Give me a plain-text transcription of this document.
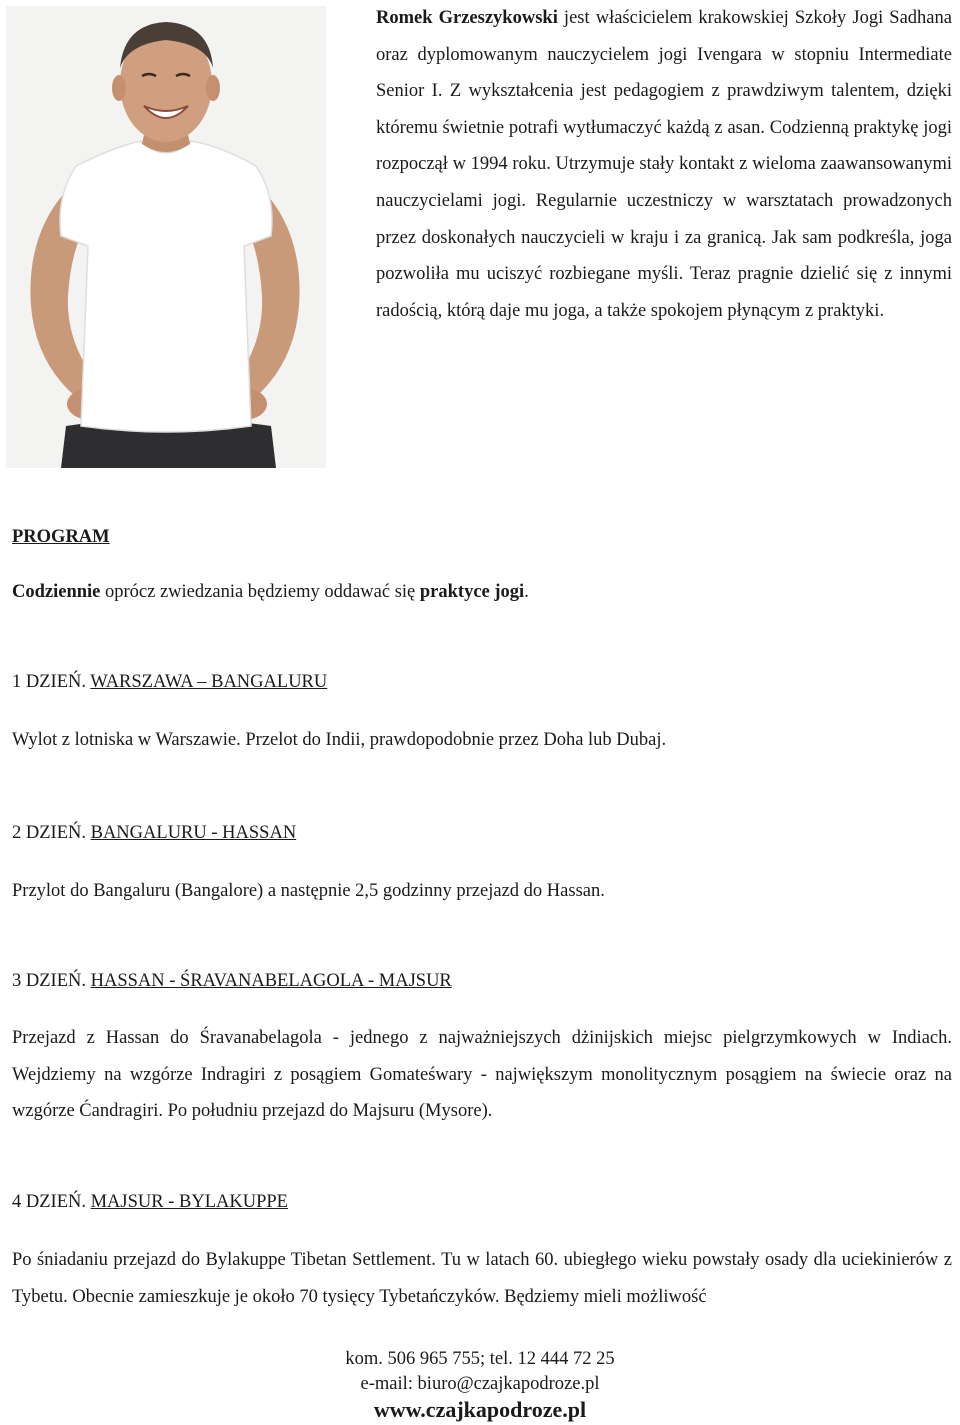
Romek Grzeszykowski jest właścicielem krakowskiej Szkoły Jogi Sadhana oraz dyplomowanym nauczycielem jogi Ivengara w stopniu Intermediate Senior I. Z wykształcenia jest pedagogiem z prawdziwym talentem, dzięki któremu świetnie potrafi wytłumaczyć każdą z asan. Codzienną praktykę jogi rozpoczął w 1994 roku. Utrzymuje stały kontakt z wieloma zaawansowanymi nauczycielami jogi. Regularnie uczestniczy w warsztatach prowadzonych przez doskonałych nauczycieli w kraju i za granicą. Jak sam podkreśla, joga pozwoliła mu uciszyć rozbiegane myśli. Teraz pragnie dzielić się z innymi radością, którą daje mu joga, a także spokojem płynącym z praktyki.

PROGRAM
Codziennie oprócz zwiedzania będziemy oddawać się praktyce jogi.
1 DZIEŃ. WARSZAWA – BANGALURU
Wylot z lotniska w Warszawie. Przelot do Indii, prawdopodobnie przez Doha lub Dubaj.
2 DZIEŃ. BANGALURU - HASSAN
Przylot do Bangaluru (Bangalore) a następnie 2,5 godzinny przejazd do Hassan.
3 DZIEŃ. HASSAN - ŚRAVANABELAGOLA - MAJSUR
Przejazd z Hassan do Śravanabelagola - jednego z najważniejszych dżinijskich miejsc pielgrzymkowych w Indiach. Wejdziemy na wzgórze Indragiri z posągiem Gomateśwary - największym monolitycznym posągiem na świecie oraz na wzgórze Ćandragiri. Po południu przejazd do Majsuru (Mysore).
4 DZIEŃ. MAJSUR - BYLAKUPPE
Po śniadaniu przejazd do Bylakuppe Tibetan Settlement. Tu w latach 60. ubiegłego wieku powstały osady dla uciekinierów z Tybetu. Obecnie zamieszkuje je około 70 tysięcy Tybetańczyków. Będziemy mieli możliwość
kom. 506 965 755; tel. 12 444 72 25
e-mail: biuro@czajkapodroze.pl
www.czajkapodroze.pl
